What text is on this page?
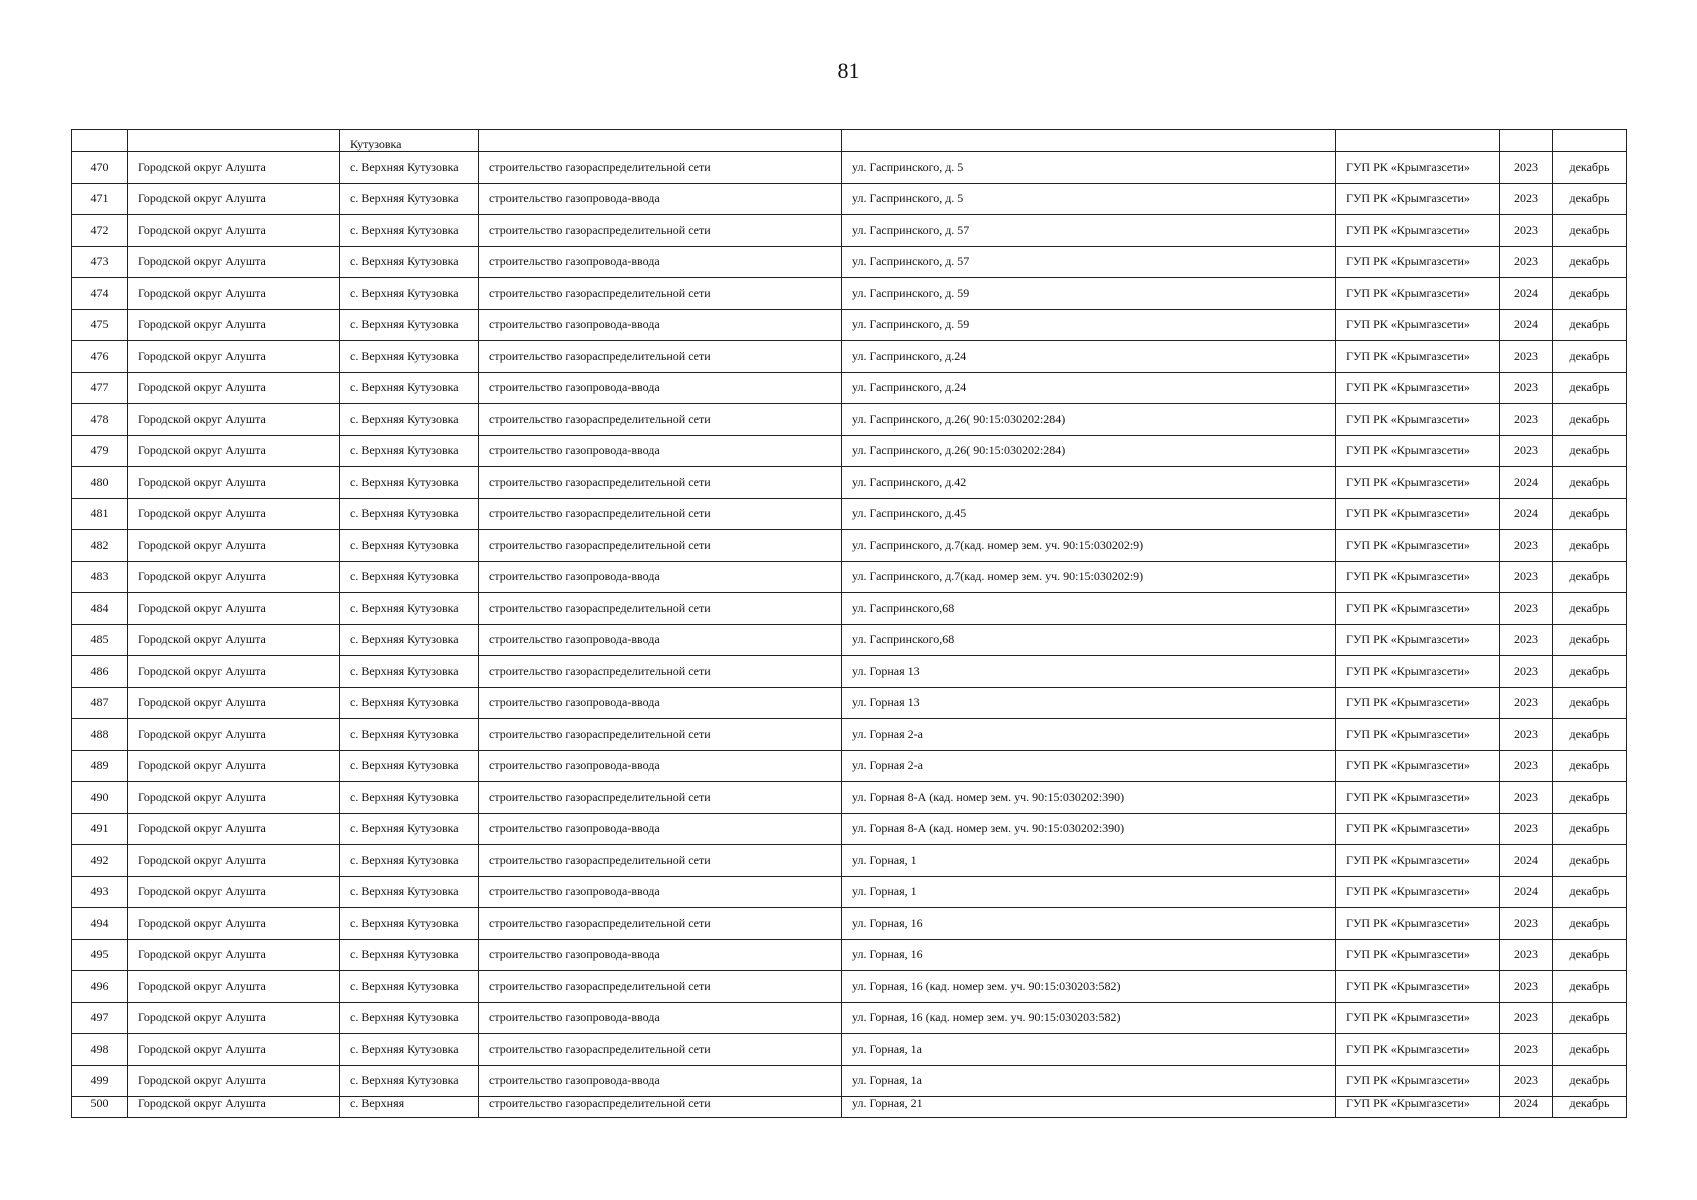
81
		Кутузовка					
470	Городской округ Алушта	с. Верхняя Кутузовка	строительство газораспределительной сети	ул. Гаспринского, д. 5	ГУП РК «Крымгазсети»	2023	декабрь
471	Городской округ Алушта	с. Верхняя Кутузовка	строительство газопровода-ввода	ул. Гаспринского, д. 5	ГУП РК «Крымгазсети»	2023	декабрь
472	Городской округ Алушта	с. Верхняя Кутузовка	строительство газораспределительной сети	ул. Гаспринского, д. 57	ГУП РК «Крымгазсети»	2023	декабрь
473	Городской округ Алушта	с. Верхняя Кутузовка	строительство газопровода-ввода	ул. Гаспринского, д. 57	ГУП РК «Крымгазсети»	2023	декабрь
474	Городской округ Алушта	с. Верхняя Кутузовка	строительство газораспределительной сети	ул. Гаспринского, д. 59	ГУП РК «Крымгазсети»	2024	декабрь
475	Городской округ Алушта	с. Верхняя Кутузовка	строительство газопровода-ввода	ул. Гаспринского, д. 59	ГУП РК «Крымгазсети»	2024	декабрь
476	Городской округ Алушта	с. Верхняя Кутузовка	строительство газораспределительной сети	ул. Гаспринского, д.24	ГУП РК «Крымгазсети»	2023	декабрь
477	Городской округ Алушта	с. Верхняя Кутузовка	строительство газопровода-ввода	ул. Гаспринского, д.24	ГУП РК «Крымгазсети»	2023	декабрь
478	Городской округ Алушта	с. Верхняя Кутузовка	строительство газораспределительной сети	ул. Гаспринского, д.26( 90:15:030202:284)	ГУП РК «Крымгазсети»	2023	декабрь
479	Городской округ Алушта	с. Верхняя Кутузовка	строительство газопровода-ввода	ул. Гаспринского, д.26( 90:15:030202:284)	ГУП РК «Крымгазсети»	2023	декабрь
480	Городской округ Алушта	с. Верхняя Кутузовка	строительство газораспределительной сети	ул. Гаспринского, д.42	ГУП РК «Крымгазсети»	2024	декабрь
481	Городской округ Алушта	с. Верхняя Кутузовка	строительство газораспределительной сети	ул. Гаспринского, д.45	ГУП РК «Крымгазсети»	2024	декабрь
482	Городской округ Алушта	с. Верхняя Кутузовка	строительство газораспределительной сети	ул. Гаспринского, д.7(кад. номер зем. уч. 90:15:030202:9)	ГУП РК «Крымгазсети»	2023	декабрь
483	Городской округ Алушта	с. Верхняя Кутузовка	строительство газопровода-ввода	ул. Гаспринского, д.7(кад. номер зем. уч. 90:15:030202:9)	ГУП РК «Крымгазсети»	2023	декабрь
484	Городской округ Алушта	с. Верхняя Кутузовка	строительство газораспределительной сети	ул. Гаспринского,68	ГУП РК «Крымгазсети»	2023	декабрь
485	Городской округ Алушта	с. Верхняя Кутузовка	строительство газопровода-ввода	ул. Гаспринского,68	ГУП РК «Крымгазсети»	2023	декабрь
486	Городской округ Алушта	с. Верхняя Кутузовка	строительство газораспределительной сети	ул. Горная 13	ГУП РК «Крымгазсети»	2023	декабрь
487	Городской округ Алушта	с. Верхняя Кутузовка	строительство газопровода-ввода	ул. Горная 13	ГУП РК «Крымгазсети»	2023	декабрь
488	Городской округ Алушта	с. Верхняя Кутузовка	строительство газораспределительной сети	ул. Горная 2-а	ГУП РК «Крымгазсети»	2023	декабрь
489	Городской округ Алушта	с. Верхняя Кутузовка	строительство газопровода-ввода	ул. Горная 2-а	ГУП РК «Крымгазсети»	2023	декабрь
490	Городской округ Алушта	с. Верхняя Кутузовка	строительство газораспределительной сети	ул. Горная 8-А (кад. номер зем. уч. 90:15:030202:390)	ГУП РК «Крымгазсети»	2023	декабрь
491	Городской округ Алушта	с. Верхняя Кутузовка	строительство газопровода-ввода	ул. Горная 8-А (кад. номер зем. уч. 90:15:030202:390)	ГУП РК «Крымгазсети»	2023	декабрь
492	Городской округ Алушта	с. Верхняя Кутузовка	строительство газораспределительной сети	ул. Горная, 1	ГУП РК «Крымгазсети»	2024	декабрь
493	Городской округ Алушта	с. Верхняя Кутузовка	строительство газопровода-ввода	ул. Горная, 1	ГУП РК «Крымгазсети»	2024	декабрь
494	Городской округ Алушта	с. Верхняя Кутузовка	строительство газораспределительной сети	ул. Горная, 16	ГУП РК «Крымгазсети»	2023	декабрь
495	Городской округ Алушта	с. Верхняя Кутузовка	строительство газопровода-ввода	ул. Горная, 16	ГУП РК «Крымгазсети»	2023	декабрь
496	Городской округ Алушта	с. Верхняя Кутузовка	строительство газораспределительной сети	ул. Горная, 16 (кад. номер зем. уч. 90:15:030203:582)	ГУП РК «Крымгазсети»	2023	декабрь
497	Городской округ Алушта	с. Верхняя Кутузовка	строительство газопровода-ввода	ул. Горная, 16 (кад. номер зем. уч. 90:15:030203:582)	ГУП РК «Крымгазсети»	2023	декабрь
498	Городской округ Алушта	с. Верхняя Кутузовка	строительство газораспределительной сети	ул. Горная, 1а	ГУП РК «Крымгазсети»	2023	декабрь
499	Городской округ Алушта	с. Верхняя Кутузовка	строительство газопровода-ввода	ул. Горная, 1а	ГУП РК «Крымгазсети»	2023	декабрь
500	Городской округ Алушта	с. Верхняя	строительство газораспределительной сети	ул. Горная, 21	ГУП РК «Крымгазсети»	2024	декабрь
